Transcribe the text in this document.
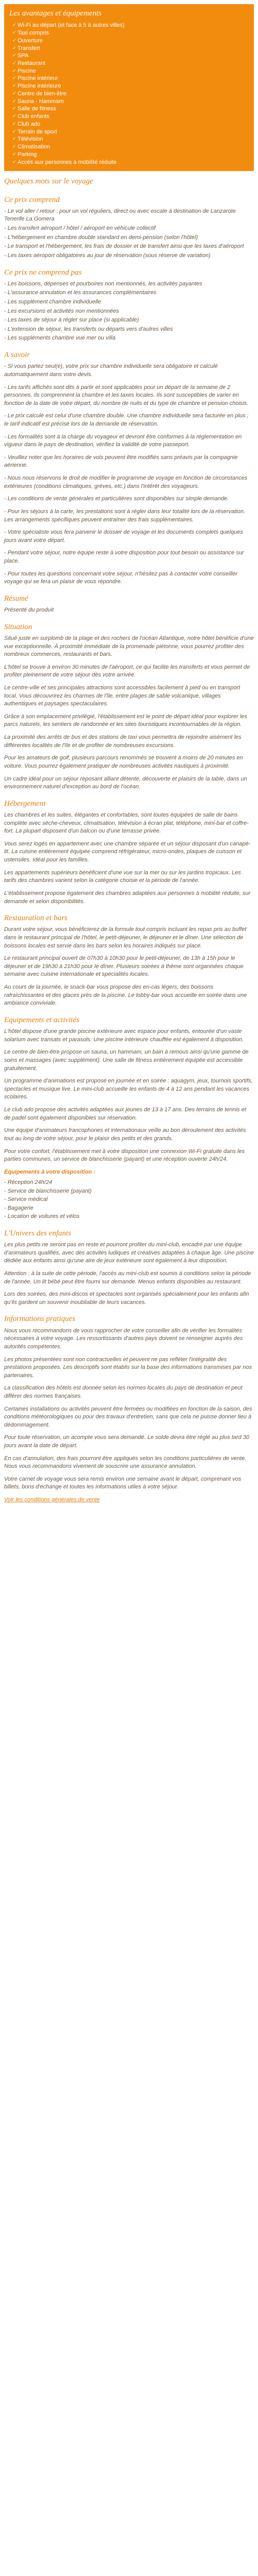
Les avantages et équipements
✓ Wi-Fi au départ (et face à 5 à autres villes)
✓ Taxi compris
✓ Ouverture
✓ Transfert
✓ SPA
✓ Restaurant
✓ Piscine
✓ Piscine intérieur
✓ Piscine intérieure
✓ Centre de bien-être
✓ Sauna - Hammam
✓ Salle de fitness
✓ Club enfants
✓ Club ado
✓ Terrain de sport
✓ Télévision
✓ Climatisation
✓ Parking
✓ Accès aux personnes à mobilité réduite
Quelques mots sur le voyage
Ce prix comprend

- Le vol aller / retour : pour un vol réguliers, direct ou avec escale à destination de Lanzarote Tenerife La Gomera

- Les transfert aéroport / hôtel / aéroport en véhicule collectif

- L'hébergement en chambre double standard en demi-pension (selon l'hôtel)

- Le transport et l'hébergement, les frais de dossier et de transfert ainsi que les taxes d'aéroport

- Les taxes aéroport obligatoires au jour de réservation (sous réserve de variation)

Ce prix ne comprend pas

- Les boissons, dépenses et pourboires non mentionnés, les activités payantes

- L'assurance annulation et les assurances complémentaires

- Les supplément chambre individuelle

- Les excursions et activités non mentionnées

- Les taxes de séjour à régler sur place (si applicable)

- L'extension de séjour, les transferts ou départs vers d'autres villes

- Les suppléments chambre vue mer ou villa

A savoir

- Si vous partez seul(e), votre prix sur chambre individuelle sera obligatoire et calculé automatiquement dans votre devis.

- Les tarifs affichés sont dits à partir et sont applicables pour un départ de la semaine de 2 personnes. Ils comprennent la chambre et les taxes locales. Ils sont susceptibles de varier en fonction de la date de votre départ, du nombre de nuits et du type de chambre et pension choisis.

- Le prix calculé est celui d'une chambre double. Une chambre individuelle sera facturée en plus ; le tarif indicatif est précisé lors de la demande de réservation.

- Les formalités sont à la charge du voyageur et devront être conformes à la réglementation en vigueur dans le pays de destination, vérifiez la validité de votre passeport.

- Veuillez noter que les horaires de vols peuvent être modifiés sans préavis par la compagnie aérienne.

- Nous nous réservons le droit de modifier le programme de voyage en fonction de circonstances extérieures (conditions climatiques, grèves, etc.) dans l'intérêt des voyageurs.

- Les conditions de vente générales et particulières sont disponibles sur simple demande.

- Pour les séjours à la carte, les prestations sont à régler dans leur totalité lors de la réservation. Les arrangements spécifiques peuvent entraîner des frais supplémentaires.

- Votre spécialiste vous fera parvenir le dossier de voyage et les documents complets quelques jours avant votre départ.

- Pendant votre séjour, notre équipe reste à votre disposition pour tout besoin ou assistance sur place.

- Pour toutes les questions concernant votre séjour, n'hésitez pas à contacter votre conseiller voyage qui se fera un plaisir de vous répondre.

Résumé

Présenté du produit

Situation

Situé juste en surplomb de la plage et des rochers de l'océan Atlantique, notre hôtel bénéficie d'une vue exceptionnelle. À proximité immédiate de la promenade piétonne, vous pourrez profiter des nombreux commerces, restaurants et bars.

L'hôtel se trouve à environ 30 minutes de l'aéroport, ce qui facilite les transferts et vous permet de profiter pleinement de votre séjour dès votre arrivée.

Le centre-ville et ses principales attractions sont accessibles facilement à pied ou en transport local. Vous découvrirez les charmes de l'île, entre plages de sable volcanique, villages authentiques et paysages spectaculaires.

Grâce à son emplacement privilégié, l'établissement est le point de départ idéal pour explorer les parcs naturels, les sentiers de randonnée et les sites touristiques incontournables de la région.

La proximité des arrêts de bus et des stations de taxi vous permettra de rejoindre aisément les différentes localités de l'île et de profiter de nombreuses excursions.

Pour les amateurs de golf, plusieurs parcours renommés se trouvent à moins de 20 minutes en voiture. Vous pourrez également pratiquer de nombreuses activités nautiques à proximité.

Un cadre idéal pour un séjour reposant alliant détente, découverte et plaisirs de la table, dans un environnement naturel d'exception au bord de l'océan.

Hébergement

Les chambres et les suites, élégantes et confortables, sont toutes équipées de salle de bains complète avec sèche-cheveux, climatisation, télévision à écran plat, téléphone, mini-bar et coffre-fort. La plupart disposent d'un balcon ou d'une terrasse privée.

Vous serez logés en appartement avec une chambre séparée et un séjour disposant d'un canapé-lit. La cuisine entièrement équipée comprend réfrigérateur, micro-ondes, plaques de cuisson et ustensiles. Idéal pour les familles.

Les appartements supérieurs bénéficient d'une vue sur la mer ou sur les jardins tropicaux. Les tarifs des chambres varient selon la catégorie choisie et la période de l'année.

L'établissement propose également des chambres adaptées aux personnes à mobilité réduite, sur demande et selon disponibilités.

Restauration et bars

Durant votre séjour, vous bénéficierez de la formule tout compris incluant les repas pris au buffet dans le restaurant principal de l'hôtel, le petit-déjeuner, le déjeuner et le dîner. Une sélection de boissons locales est servie dans les bars selon les horaires indiqués sur place.

Le restaurant principal ouvert de 07h30 à 10h30 pour le petit-déjeuner, de 13h à 15h pour le déjeuner et de 19h30 à 21h30 pour le dîner. Plusieurs soirées à thème sont organisées chaque semaine avec cuisine internationale et spécialités locales.

Au cours de la journée, le snack-bar vous propose des en-cas légers, des boissons rafraîchissantes et des glaces près de la piscine. Le lobby-bar vous accueille en soirée dans une ambiance conviviale.

Equipements et activités

L'hôtel dispose d'une grande piscine extérieure avec espace pour enfants, entourée d'un vaste solarium avec transats et parasols. Une piscine intérieure chauffée est également à disposition.

Le centre de bien-être propose un sauna, un hammam, un bain à remous ainsi qu'une gamme de soins et massages (avec supplément). Une salle de fitness entièrement équipée est accessible gratuitement.

Un programme d'animations est proposé en journée et en soirée : aquagym, jeux, tournois sportifs, spectacles et musique live. Le mini-club accueille les enfants de 4 à 12 ans pendant les vacances scolaires.

Le club ado propose des activités adaptées aux jeunes de 13 à 17 ans. Des terrains de tennis et de padel sont également disponibles sur réservation.

Une équipe d'animateurs francophones et internationaux veille au bon déroulement des activités tout au long de votre séjour, pour le plaisir des petits et des grands.

Pour votre confort, l'établissement met à votre disposition une connexion Wi-Fi gratuite dans les parties communes, un service de blanchisserie (payant) et une réception ouverte 24h/24.

Équipements à votre disposition :
- Réception 24h/24
- Service de blanchisserie (payant)
- Service médical
- Bagagerie
- Location de voitures et vélos
L'Univers des enfants

Les plus petits ne seront pas en reste et pourront profiter du mini-club, encadré par une équipe d'animateurs qualifiés, avec des activités ludiques et créatives adaptées à chaque âge. Une piscine dédiée aux enfants ainsi qu'une aire de jeux extérieure sont également à leur disposition.

Attention : à la suite de cette période, l'accès au mini-club est soumis à conditions selon la période de l'année. Un lit bébé peut être fourni sur demande. Menus enfants disponibles au restaurant.

Lors des soirées, des mini-discos et spectacles sont organisés spécialement pour les enfants afin qu'ils gardent un souvenir inoubliable de leurs vacances.

Informations pratiques

Nous vous recommandons de vous rapprocher de votre conseiller afin de vérifier les formalités nécessaires à votre voyage. Les ressortissants d'autres pays doivent se renseigner auprès des autorités compétentes.

Les photos présentées sont non contractuelles et peuvent ne pas refléter l'intégralité des prestations proposées. Les descriptifs sont établis sur la base des informations transmises par nos partenaires.

La classification des hôtels est donnée selon les normes locales du pays de destination et peut différer des normes françaises.

Certaines installations ou activités peuvent être fermées ou modifiées en fonction de la saison, des conditions météorologiques ou pour des travaux d'entretien, sans que cela ne puisse donner lieu à dédommagement.

Pour toute réservation, un acompte vous sera demandé. Le solde devra être réglé au plus tard 30 jours avant la date de départ.

En cas d'annulation, des frais pourront être appliqués selon les conditions particulières de vente. Nous vous recommandons vivement de souscrire une assurance annulation.

Votre carnet de voyage vous sera remis environ une semaine avant le départ, comprenant vos billets, bons d'échange et toutes les informations utiles à votre séjour.

Voir les conditions générales de vente
